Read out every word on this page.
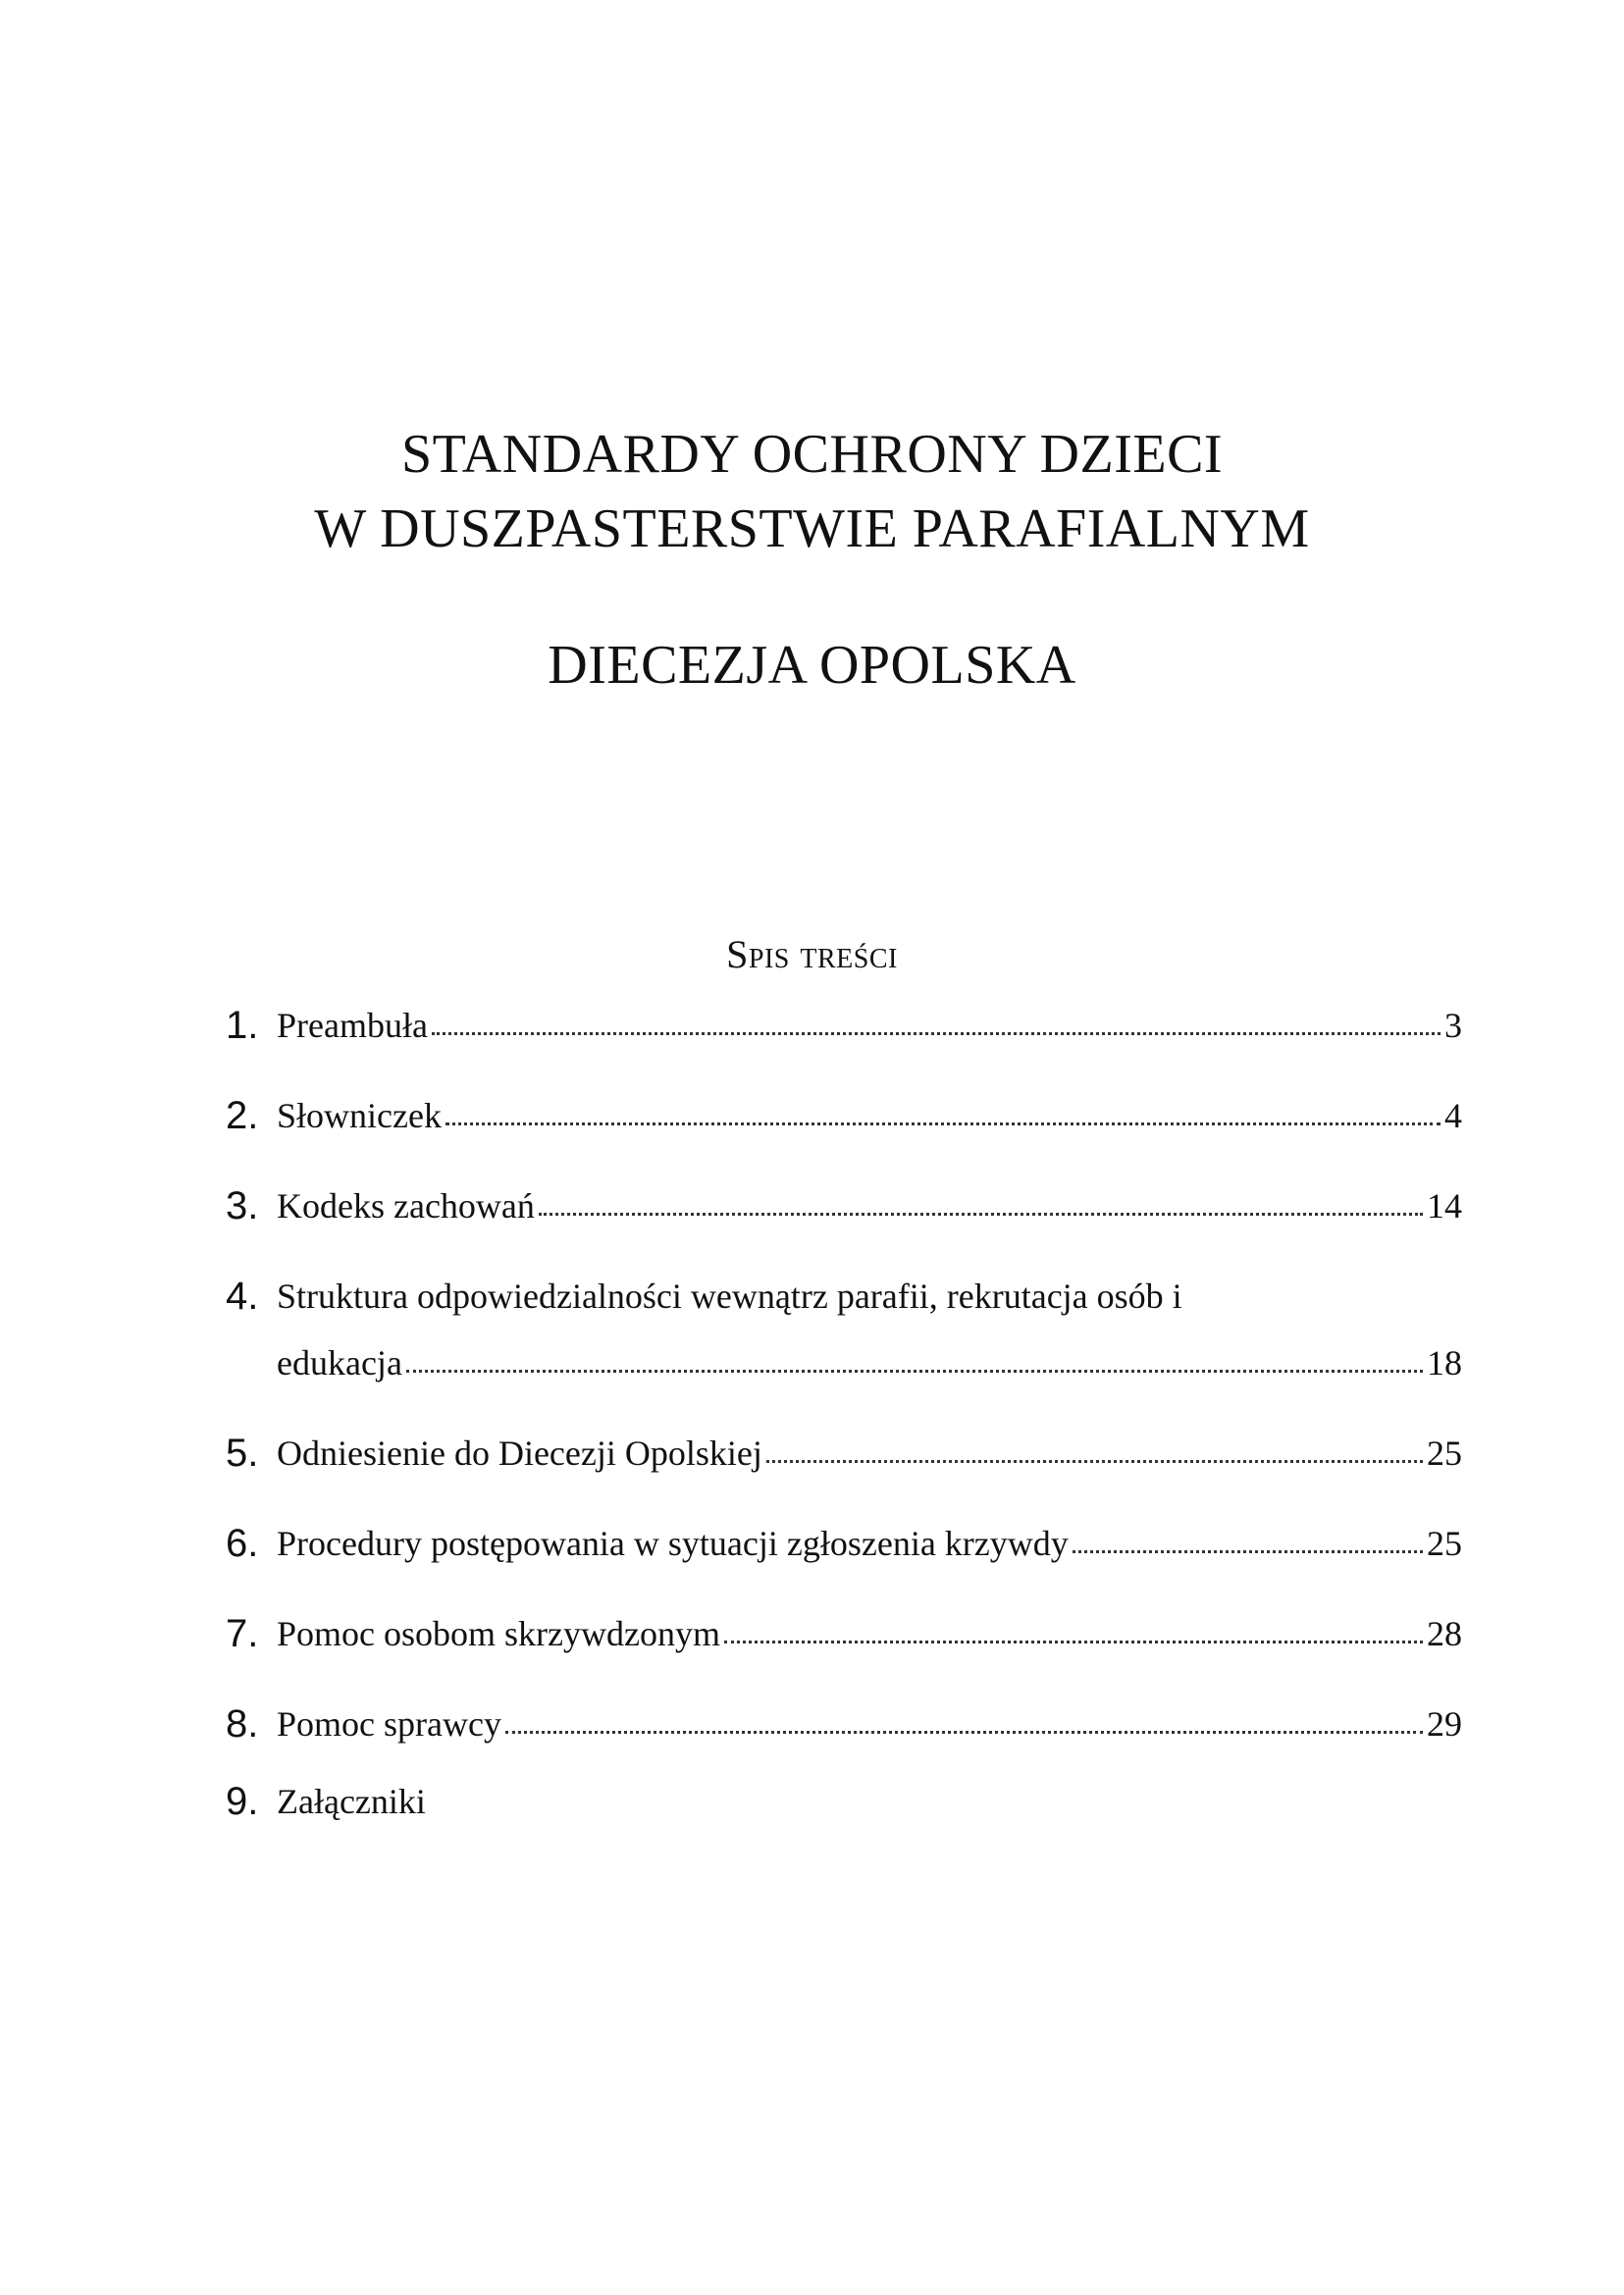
STANDARDY OCHRONY DZIECI
W DUSZPASTERSTWIE PARAFIALNYM
DIECEZJA OPOLSKA
Spis treści
1. Preambuła	3
2. Słowniczek	4
3. Kodeks zachowań	14
4. Struktura odpowiedzialności wewnątrz parafii, rekrutacja osób i
edukacja	18
5. Odniesienie do Diecezji Opolskiej	25
6. Procedury postępowania w sytuacji zgłoszenia krzywdy	25
7. Pomoc osobom skrzywdzonym	28
8. Pomoc sprawcy	29
9. Załączniki
